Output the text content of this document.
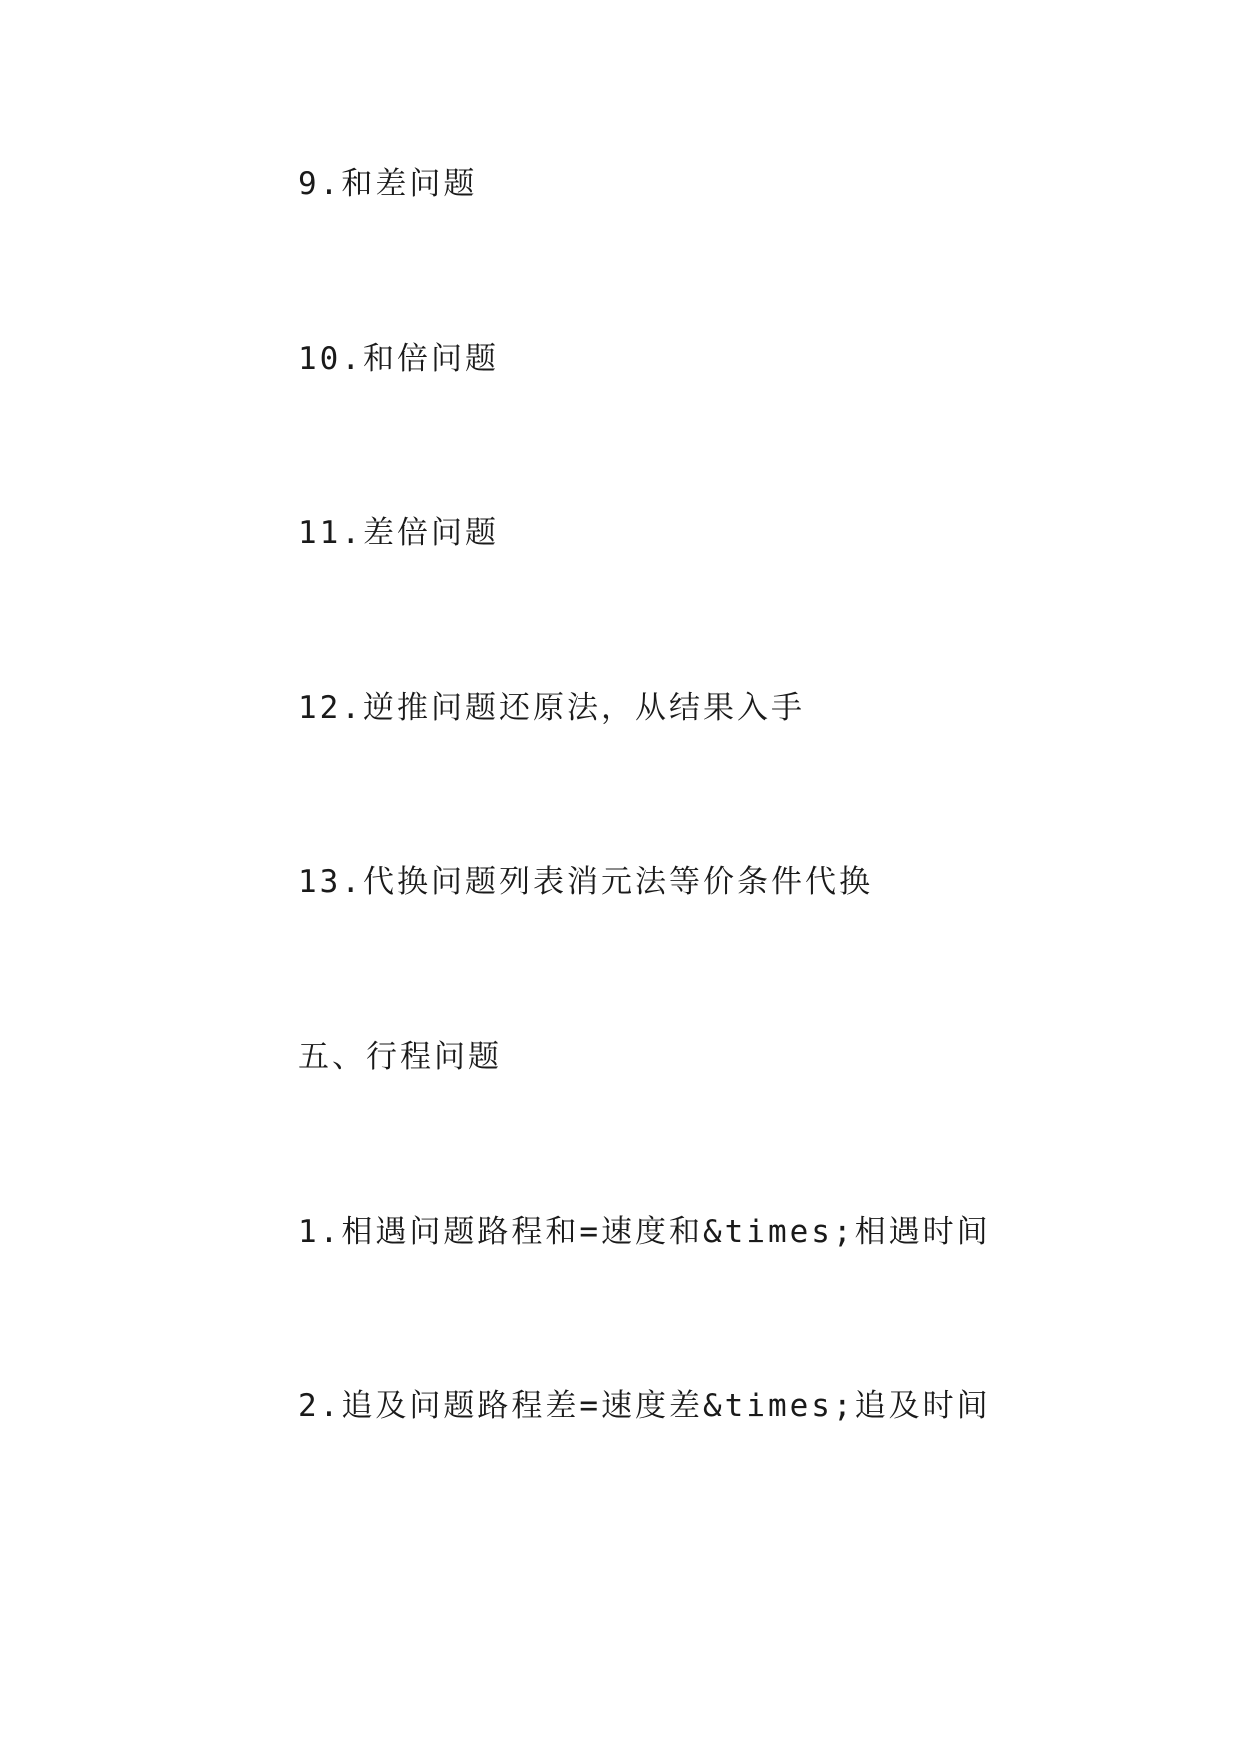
9.和差问题
10.和倍问题
11.差倍问题
12.逆推问题还原法，从结果入手
13.代换问题列表消元法等价条件代换
五、行程问题
1.相遇问题路程和=速度和&times;相遇时间
2.追及问题路程差=速度差&times;追及时间
